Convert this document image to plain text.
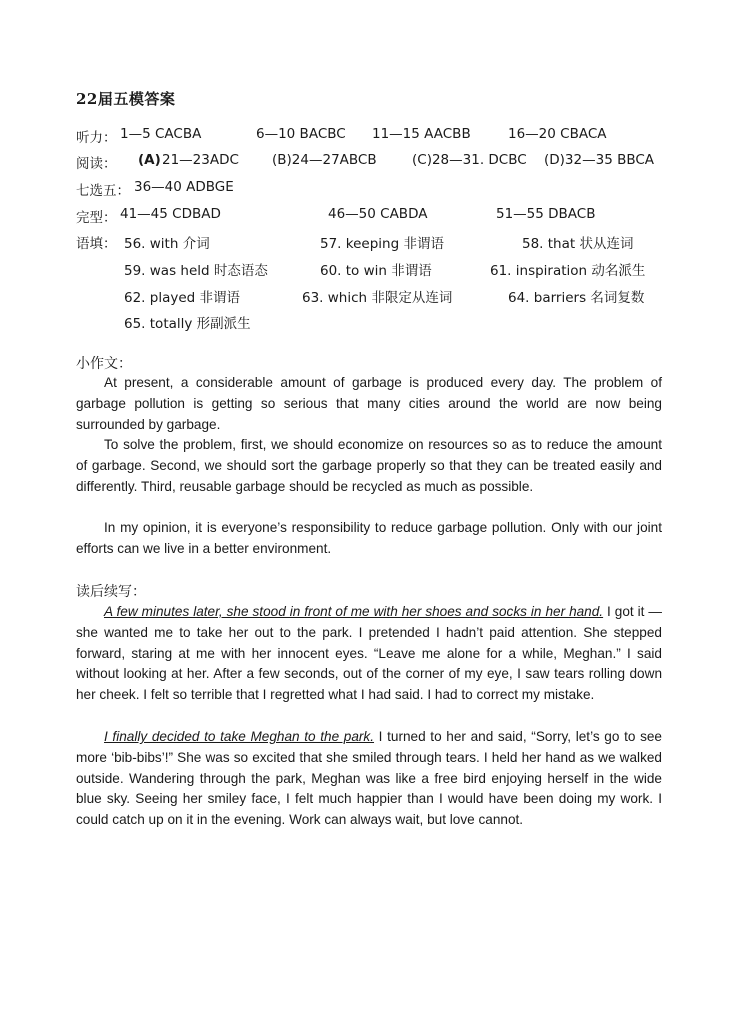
22届五模答案
听力： 1—5 CACBA	6—10 BACBC 11—15 AACBB	16—20 CBACA
阅读： (A) 21—23ADC (B)24—27ABCB	(C)28—31. DCBC (D)32—35 BBCA
七选五： 36—40 ADBGE
完型： 41—45 CDBAD	46—50 CABDA	51—55 DBACB
语填： 56. with 介词	57. keeping 非谓语	58. that 状从连词
59. was held 时态语态	60. to win 非谓语	61. inspiration 动名派生
62. played 非谓语	63. which 非限定从连词	64. barriers 名词复数
65. totally 形副派生
小作文：

At present, a considerable amount of garbage is produced every day. The problem of garbage pollution is getting so serious that many cities around the world are now being surrounded by garbage.

To solve the problem, first, we should economize on resources so as to reduce the amount of garbage. Second, we should sort the garbage properly so that they can be treated easily and differently. Third, reusable garbage should be recycled as much as possible.

In my opinion, it is everyone’s responsibility to reduce garbage pollution. Only with our joint efforts can we live in a better environment.

读后续写：

A few minutes later, she stood in front of me with her shoes and socks in her hand. I got it — she wanted me to take her out to the park. I pretended I hadn’t paid attention. She stepped forward, staring at me with her innocent eyes. “Leave me alone for a while, Meghan.” I said without looking at her. After a few seconds, out of the corner of my eye, I saw tears rolling down her cheek. I felt so terrible that I regretted what I had said. I had to correct my mistake.

I finally decided to take Meghan to the park. I turned to her and said, “Sorry, let’s go to see more ‘bib-bibs’!” She was so excited that she smiled through tears. I held her hand as we walked outside. Wandering through the park, Meghan was like a free bird enjoying herself in the wide blue sky. Seeing her smiley face, I felt much happier than I would have been doing my work. I could catch up on it in the evening. Work can always wait, but love cannot.
